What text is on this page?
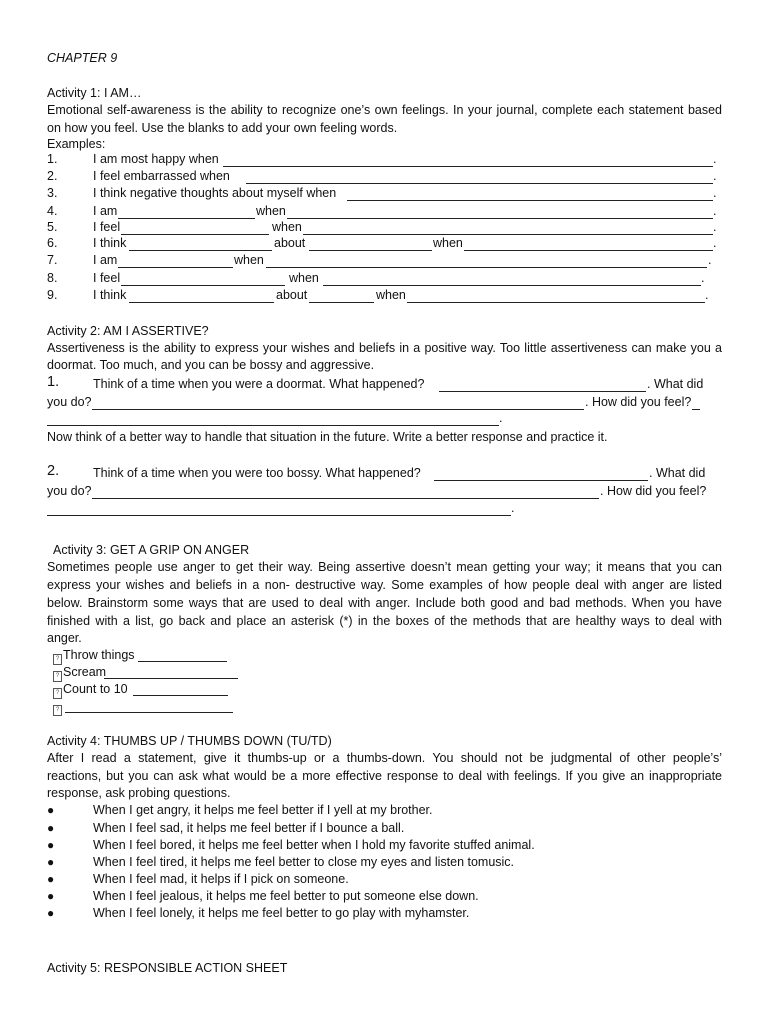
CHAPTER 9
Activity 1: I AM…
Emotional self-awareness is the ability to recognize one’s own feelings. In your journal, complete each statement based
on how you feel. Use the blanks to add your own feeling words.
Examples:
1.	I am most happy when	.
2.	I feel embarrassed when	.
3.	I think negative thoughts about myself when	.
4.	I am	when	.
5.	I feel	when	.
6.	I think	about	when	.
7.	I am	when	.
8.	I feel	when	.
9.	I think	about	when	.
Activity 2: AM I ASSERTIVE?
Assertiveness is the ability to express your wishes and beliefs in a positive way. Too little assertiveness can make you a
doormat. Too much, and you can be bossy and aggressive.
1.	Think of a time when you were a doormat. What happened?	. What did
you do?	. How did you feel?
.
Now think of a better way to handle that situation in the future. Write a better response and practice it.
2.	Think of a time when you were too bossy. What happened?	. What did
you do?	. How did you feel?
.
Activity 3: GET A GRIP ON ANGER
Sometimes people use anger to get their way. Being assertive doesn’t mean getting your way; it means that you can
express your wishes and beliefs in a non- destructive way. Some examples of how people deal with anger are listed
below. Brainstorm some ways that are used to deal with anger. Include both good and bad methods. When you have
finished with a list, go back and place an asterisk (*) in the boxes of the methods that are healthy ways to deal with
anger.
? Throw things
? Scream
? Count to 10
?
Activity 4: THUMBS UP / THUMBS DOWN (TU/TD)
After I read a statement, give it thumbs-up or a thumbs-down. You should not be judgmental of other people’s’
reactions, but you can ask what would be a more effective response to deal with feelings. If you give an inappropriate
response, ask probing questions.
●	When I get angry, it helps me feel better if I yell at my brother.
●	When I feel sad, it helps me feel better if I bounce a ball.
●	When I feel bored, it helps me feel better when I hold my favorite stuffed animal.
●	When I feel tired, it helps me feel better to close my eyes and listen tomusic.
●	When I feel mad, it helps if I pick on someone.
●	When I feel jealous, it helps me feel better to put someone else down.
●	When I feel lonely, it helps me feel better to go play with myhamster.
Activity 5: RESPONSIBLE ACTION SHEET
